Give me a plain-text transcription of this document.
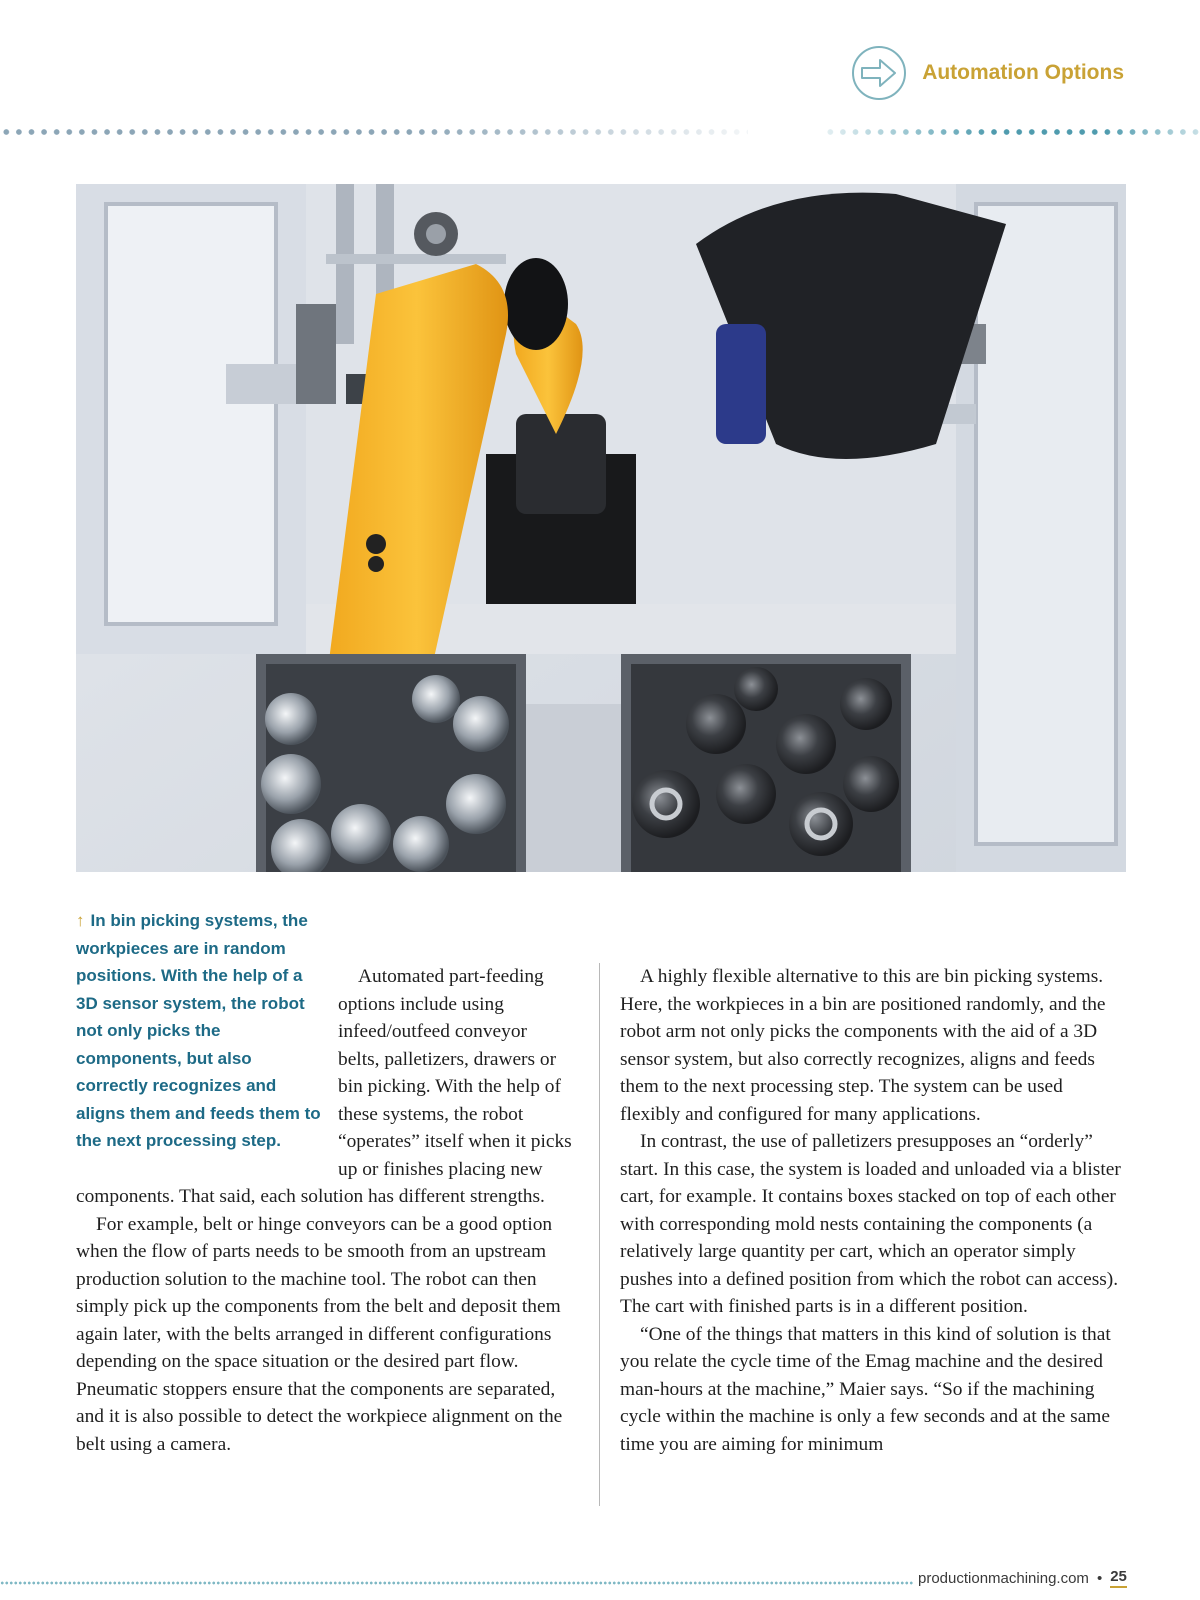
Automation Options
↑ In bin picking systems, the workpieces are in random positions. With the help of a 3D sensor system, the robot not only picks the components, but also correctly recognizes and aligns them and feeds them to the next processing step.

Automated part-feeding options include using infeed/outfeed conveyor belts, palletizers, drawers or bin picking. With the help of these systems, the robot “operates” itself when it picks up or finishes placing new components. That said, each solution has different strengths.

For example, belt or hinge conveyors can be a good option when the flow of parts needs to be smooth from an upstream production solution to the machine tool. The robot can then simply pick up the components from the belt and deposit them again later, with the belts arranged in different configurations depending on the space situation or the desired part flow. Pneumatic stoppers ensure that the components are separated, and it is also possible to detect the workpiece alignment on the belt using a camera.

A highly flexible alternative to this are bin picking systems. Here, the workpieces in a bin are positioned randomly, and the robot arm not only picks the components with the aid of a 3D sensor system, but also correctly recognizes, aligns and feeds them to the next processing step. The system can be used flexibly and configured for many applications.

In contrast, the use of palletizers presupposes an “orderly” start. In this case, the system is loaded and unloaded via a blister cart, for example. It contains boxes stacked on top of each other with corresponding mold nests containing the components (a relatively large quantity per cart, which an operator simply pushes into a defined position from which the robot can access). The cart with finished parts is in a different position.

“One of the things that matters in this kind of solution is that you relate the cycle time of the Emag machine and the desired man-hours at the machine,” Maier says. “So if the machining cycle within the machine is only a few seconds and at the same time you are aiming for minimum

productionmachining.com • 25
